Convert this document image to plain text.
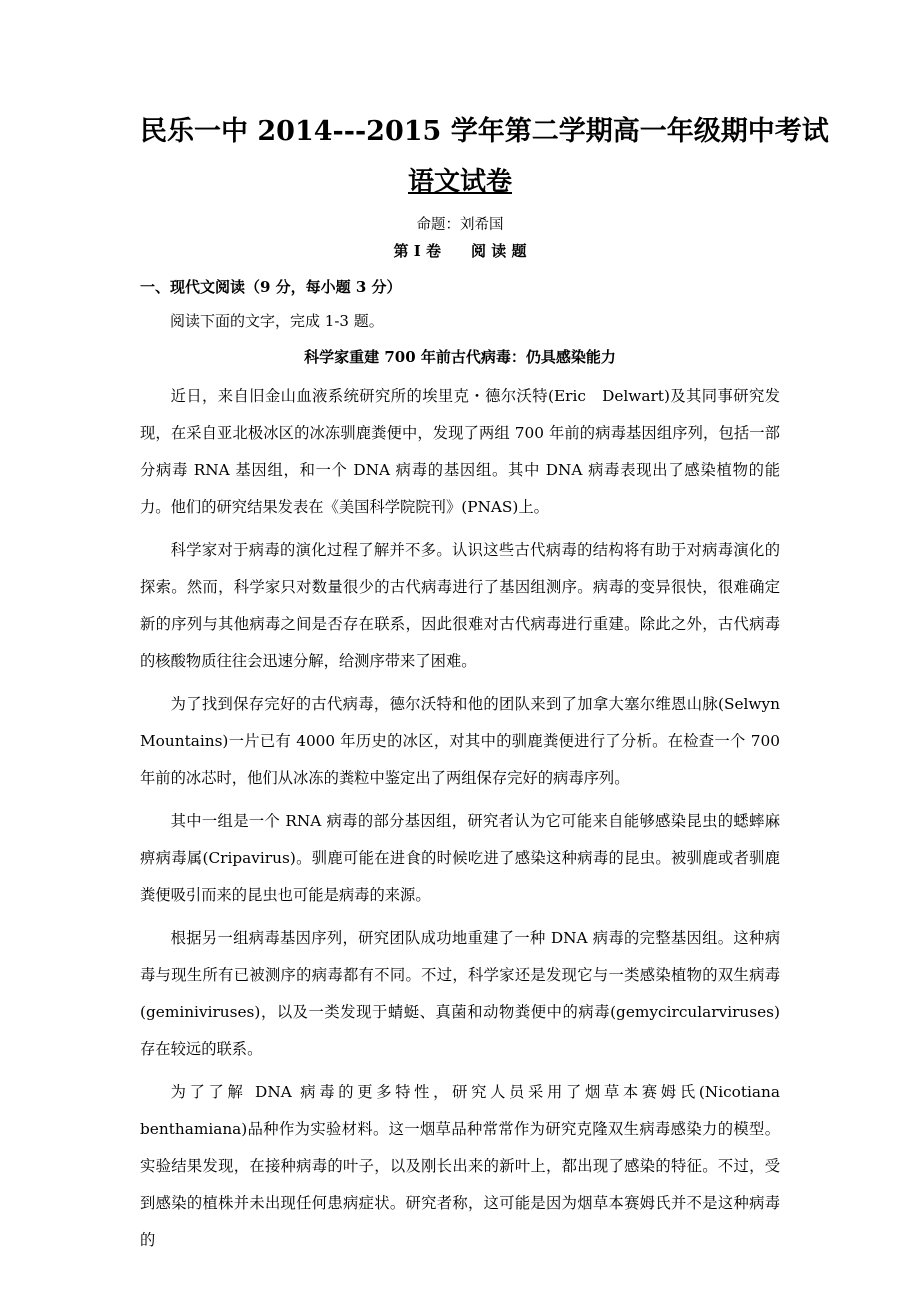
民乐一中 2014---2015 学年第二学期高一年级期中考试
语文试卷
命题：刘希国
第 I 卷　　阅 读 题
一、现代文阅读（9 分，每小题 3 分）

阅读下面的文字，完成 1-3 题。

科学家重建 700 年前古代病毒：仍具感染能力

近日，来自旧金山血液系统研究所的埃里克・德尔沃特(Eric　Delwart)及其同事研究发现，在采自亚北极冰区的冰冻驯鹿粪便中，发现了两组 700 年前的病毒基因组序列，包括一部分病毒 RNA 基因组，和一个 DNA 病毒的基因组。其中 DNA 病毒表现出了感染植物的能力。他们的研究结果发表在《美国科学院院刊》(PNAS)上。

科学家对于病毒的演化过程了解并不多。认识这些古代病毒的结构将有助于对病毒演化的探索。然而，科学家只对数量很少的古代病毒进行了基因组测序。病毒的变异很快，很难确定新的序列与其他病毒之间是否存在联系，因此很难对古代病毒进行重建。除此之外，古代病毒的核酸物质往往会迅速分解，给测序带来了困难。

为了找到保存完好的古代病毒，德尔沃特和他的团队来到了加拿大塞尔维恩山脉(Selwyn　Mountains)一片已有 4000 年历史的冰区，对其中的驯鹿粪便进行了分析。在检查一个 700 年前的冰芯时，他们从冰冻的粪粒中鉴定出了两组保存完好的病毒序列。

其中一组是一个 RNA 病毒的部分基因组，研究者认为它可能来自能够感染昆虫的蟋蟀麻痹病毒属(Cripavirus)。驯鹿可能在进食的时候吃进了感染这种病毒的昆虫。被驯鹿或者驯鹿粪便吸引而来的昆虫也可能是病毒的来源。

根据另一组病毒基因序列，研究团队成功地重建了一种 DNA 病毒的完整基因组。这种病毒与现生所有已被测序的病毒都有不同。不过，科学家还是发现它与一类感染植物的双生病毒(geminiviruses)，以及一类发现于蜻蜓、真菌和动物粪便中的病毒(gemycircularviruses)存在较远的联系。

为了了解 DNA 病毒的更多特性，研究人员采用了烟草本赛姆氏(Nicotiana benthamiana)品种作为实验材料。这一烟草品种常常作为研究克隆双生病毒感染力的模型。实验结果发现，在接种病毒的叶子，以及刚长出来的新叶上，都出现了感染的特征。不过，受到感染的植株并未出现任何患病症状。研究者称，这可能是因为烟草本赛姆氏并不是这种病毒的
